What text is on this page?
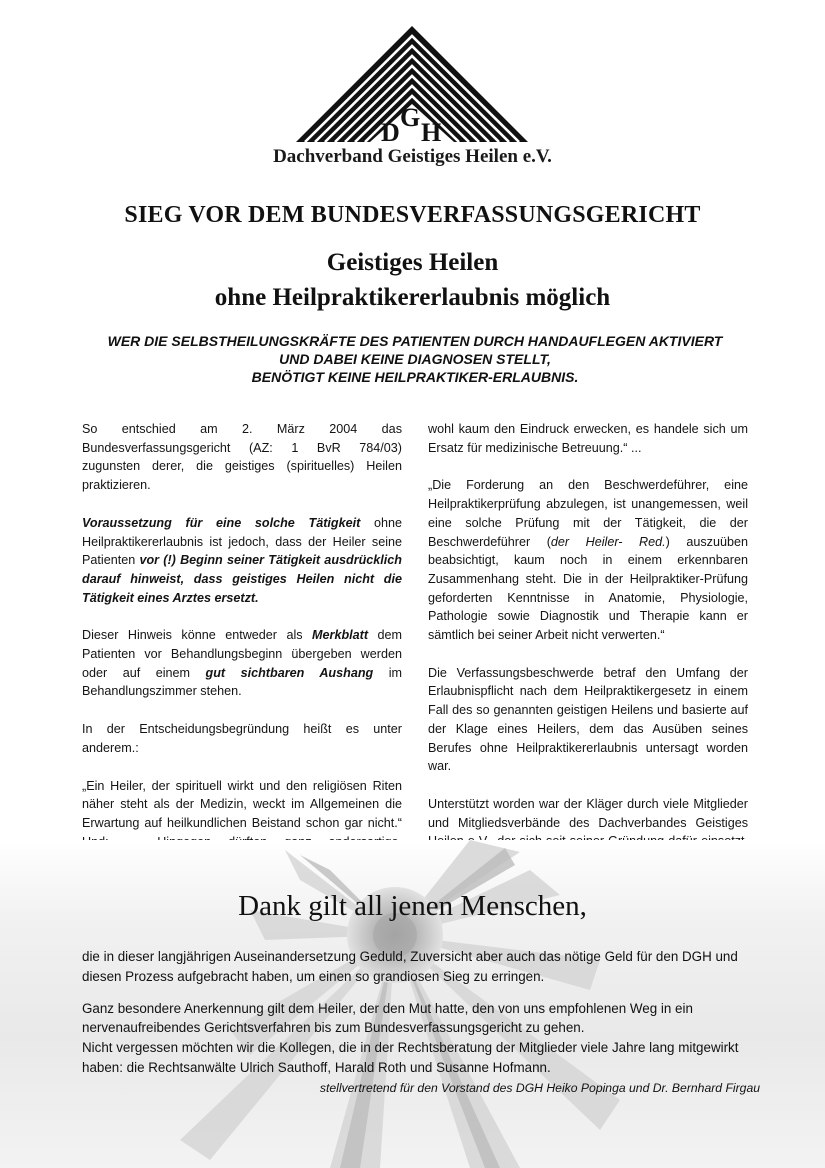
D
G
H
Dachverband Geistiges Heilen e.V.
SIEG VOR DEM BUNDESVERFASSUNGSGERICHT
Geistiges Heilen
ohne Heilpraktikererlaubnis möglich
WER DIE SELBSTHEILUNGSKRÄFTE DES PATIENTEN DURCH HANDAUFLEGEN AKTIVIERT
UND DABEI KEINE DIAGNOSEN STELLT,
BENÖTIGT KEINE HEILPRAKTIKER-ERLAUBNIS.

So entschied am 2. März 2004 das Bundesverfassungsgericht (AZ: 1 BvR 784/03) zugunsten derer, die geistiges (spirituelles) Heilen praktizieren.

Voraussetzung für eine solche Tätigkeit ohne Heilpraktikererlaubnis ist jedoch, dass der Heiler seine Patienten vor (!) Beginn seiner Tätigkeit ausdrücklich darauf hinweist, dass geistiges Heilen nicht die Tätigkeit eines Arztes ersetzt.

Dieser Hinweis könne entweder als Merkblatt dem Patienten vor Behandlungsbeginn übergeben werden oder auf einem gut sichtbaren Aushang im Behandlungszimmer stehen.

In der Entscheidungsbegründung heißt es unter anderem.:

„Ein Heiler, der spirituell wirkt und den religiösen Riten näher steht als der Medizin, weckt im Allgemeinen die Erwartung auf heilkundlichen Beistand schon gar nicht.“

wohl kaum den Eindruck erwecken, es handele sich um Ersatz für medizinische Betreuung.“ ...

„Die Forderung an den Beschwerdeführer, eine Heilpraktikerprüfung abzulegen, ist unangemessen, weil eine solche Prüfung mit der Tätigkeit, die der Beschwerdeführer (der Heiler- Red.) auszuüben beabsichtigt, kaum noch in einem erkennbaren Zusammenhang steht. Die in der Heilpraktiker-Prüfung geforderten Kenntnisse in Anatomie, Physiologie, Pathologie sowie Diagnostik und Therapie kann er sämtlich bei seiner Arbeit nicht verwerten.“

Die Verfassungsbeschwerde betraf den Umfang der Erlaubnispflicht nach dem Heilpraktikergesetz in einem Fall des so genannten geistigen Heilens und basierte auf der Klage eines Heilers, dem das Ausüben seines Berufes ohne Heilpraktikererlaubnis untersagt worden war.

Unterstützt worden war der Kläger durch viele Mitglieder und Mitgliedsverbände des Dachverbandes Geistiges

Dank gilt all jenen Menschen,

die in dieser langjährigen Auseinandersetzung Geduld, Zuversicht aber auch das nötige Geld für den DGH und diesen Prozess aufgebracht haben, um einen so grandiosen Sieg zu erringen.

Ganz besondere Anerkennung gilt dem Heiler, der den Mut hatte, den von uns empfohlenen Weg in ein nervenaufreibendes Gerichtsverfahren bis zum Bundesverfassungsgericht zu gehen.

Nicht vergessen möchten wir die Kollegen, die in der Rechtsberatung der Mitglieder viele Jahre lang mitgewirkt haben: die Rechtsanwälte Ulrich Sauthoff, Harald Roth und Susanne Hofmann.

stellvertretend für den Vorstand des DGH Heiko Popinga und Dr. Bernhard Firgau
